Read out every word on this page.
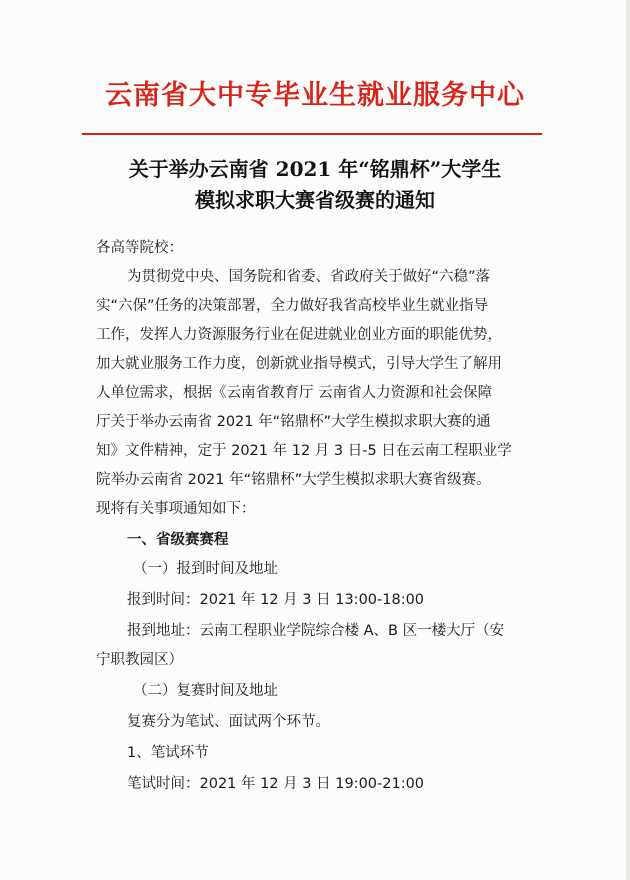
云南省大中专毕业生就业服务中心
关于举办云南省 2021 年“铭鼎杯”大学生
模拟求职大赛省级赛的通知
各高等院校：
为贯彻党中央、国务院和省委、省政府关于做好“六稳”落
实“六保”任务的决策部署，全力做好我省高校毕业生就业指导
工作，发挥人力资源服务行业在促进就业创业方面的职能优势，
加大就业服务工作力度，创新就业指导模式，引导大学生了解用
人单位需求，根据《云南省教育厅 云南省人力资源和社会保障
厅关于举办云南省 2021 年“铭鼎杯”大学生模拟求职大赛的通
知》文件精神，定于 2021 年 12 月 3 日-5 日在云南工程职业学
院举办云南省 2021 年“铭鼎杯”大学生模拟求职大赛省级赛。
现将有关事项通知如下：
一、省级赛赛程
（一）报到时间及地址
报到时间：2021 年 12 月 3 日 13:00-18:00
报到地址：云南工程职业学院综合楼 A、B 区一楼大厅（安
宁职教园区）
（二）复赛时间及地址
复赛分为笔试、面试两个环节。
1、笔试环节
笔试时间：2021 年 12 月 3 日 19:00-21:00
